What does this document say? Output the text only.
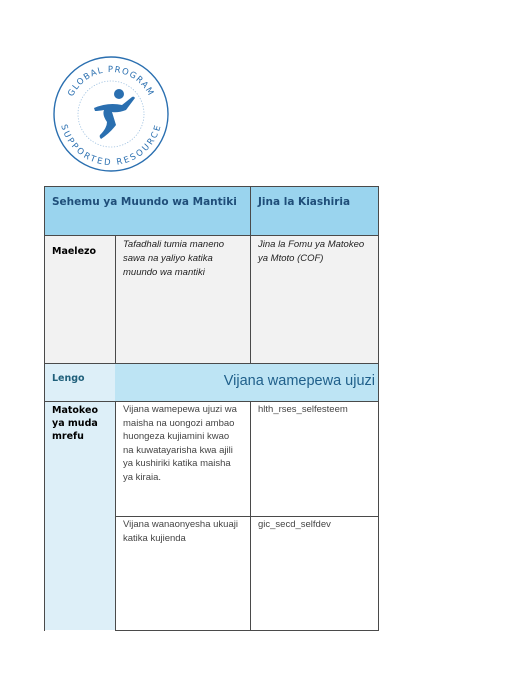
GLOBAL PROGRAM
SUPPORTED RESOURCE
Sehemu ya Muundo wa Mantiki	Jina la Kiashiria
Maelezo
Tafadhali tumia maneno sawa na yaliyo katika muundo wa mantiki
Jina la Fomu ya Matokeo ya Mtoto (COF)
Lengo	Vijana wamepewa ujuzi
Matokeo ya muda mrefu
Vijana wamepewa ujuzi wa maisha na uongozi ambao huongeza kujiamini kwao na kuwatayarisha kwa ajili ya kushiriki katika maisha ya kiraia.
hlth_rses_selfesteem
Vijana wanaonyesha ukuaji katika kujienda
gic_secd_selfdev
